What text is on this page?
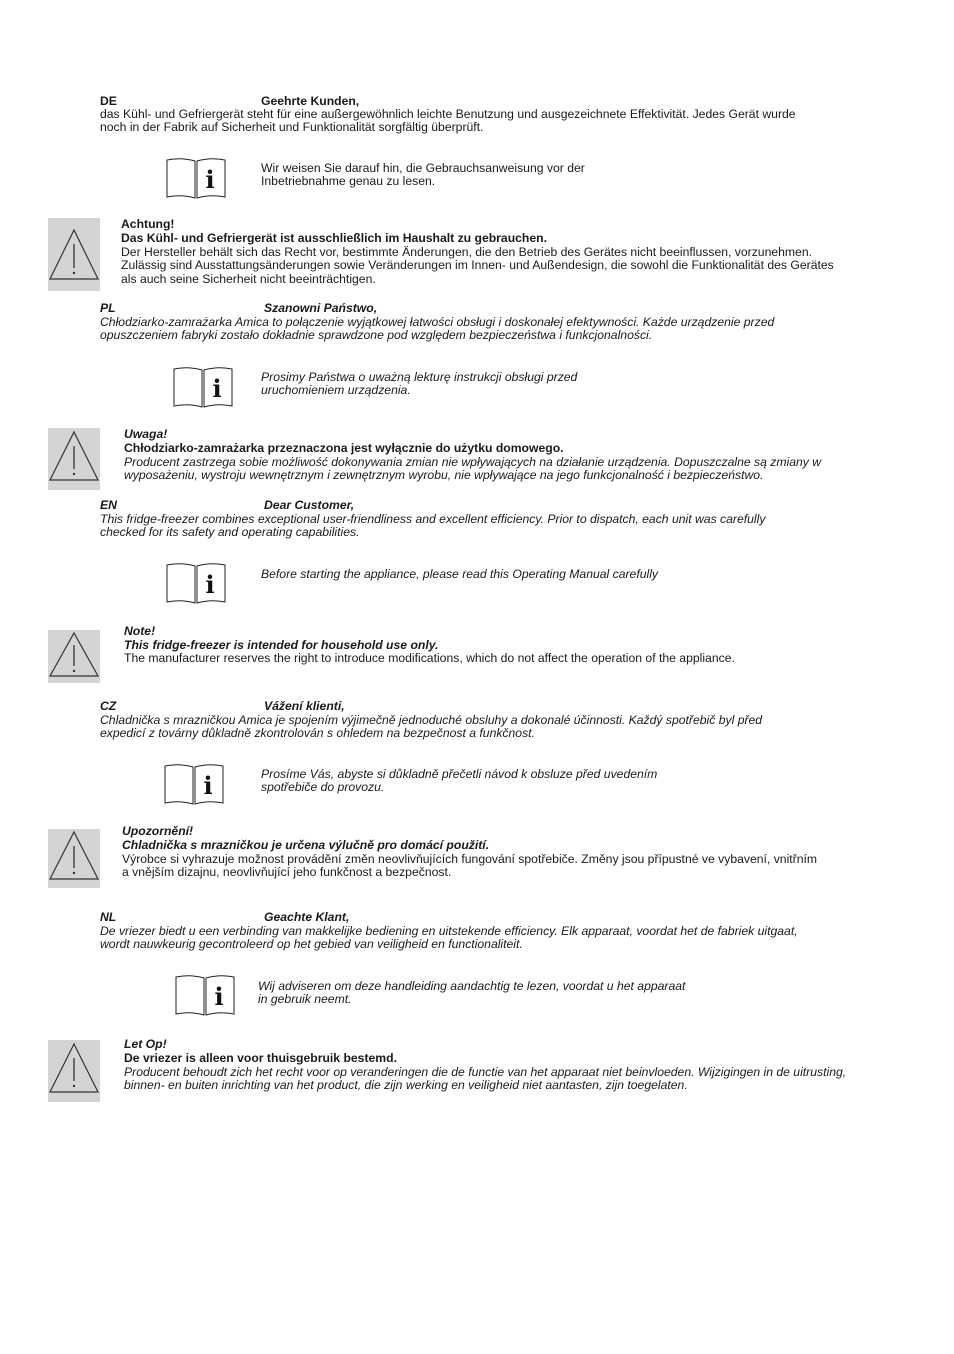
DE	Geehrte Kunden,
das Kühl- und Gefriergerät steht für eine außergewöhnlich leichte Benutzung und ausgezeichnete Effektivität. Jedes Gerät wurde
noch in der Fabrik auf Sicherheit und Funktionalität sorgfältig überprüft.
i	Wir weisen Sie darauf hin, die Gebrauchsanweisung vor der
Inbetriebnahme genau zu lesen.
Achtung!
Das Kühl- und Gefriergerät ist ausschließlich im Haushalt zu gebrauchen.
Der Hersteller behält sich das Recht vor, bestimmte Änderungen, die den Betrieb des Gerätes nicht beeinflussen, vorzunehmen.
Zulässig sind Ausstattungsänderungen sowie Veränderungen im Innen- und Außendesign, die sowohl die Funktionalität des Gerätes
als auch seine Sicherheit nicht beeinträchtigen.
PL	Szanowni Państwo,
Chłodziarko-zamrażarka Amica to połączenie wyjątkowej łatwości obsługi i doskonałej efektywności. Każde urządzenie przed
opuszczeniem fabryki zostało dokładnie sprawdzone pod względem bezpieczeństwa i funkcjonalności.
i	Prosimy Państwa o uważną lekturę instrukcji obsługi przed
uruchomieniem urządzenia.
Uwaga!
Chłodziarko-zamrażarka przeznaczona jest wyłącznie do użytku domowego.
Producent zastrzega sobie możliwość dokonywania zmian nie wpływających na działanie urządzenia. Dopuszczalne są zmiany w
wyposażeniu, wystroju wewnętrznym i zewnętrznym wyrobu, nie wpływające na jego funkcjonalność i bezpieczeństwo.
EN	Dear Customer,
This fridge-freezer combines exceptional user-friendliness and excellent efficiency. Prior to dispatch, each unit was carefully
checked for its safety and operating capabilities.
i	Before starting the appliance, please read this Operating Manual carefully
Note!
This fridge-freezer is intended for household use only.
The manufacturer reserves the right to introduce modifications, which do not affect the operation of the appliance.
CZ	Vážení klienti,
Chladnička s mrazničkou Amica je spojením výjimečně jednoduché obsluhy a dokonalé účinnosti. Každý spotřebič byl před
expedicí z továrny důkladně zkontrolován s ohledem na bezpečnost a funkčnost.
i	Prosíme Vás, abyste si důkladně přečetli návod k obsluze před uvedením
spotřebiče do provozu.
Upozornění!
Chladnička s mrazničkou je určena výlučně pro domácí použití.
Výrobce si vyhrazuje možnost provádění změn neovlivňujících fungování spotřebiče. Změny jsou přípustné ve vybavení, vnitřním
a vnějším dizajnu, neovlivňující jeho funkčnost a bezpečnost.
NL	Geachte Klant,
De vriezer biedt u een verbinding van makkelijke bediening en uitstekende efficiency. Elk apparaat, voordat het de fabriek uitgaat,
wordt nauwkeurig gecontroleerd op het gebied van veiligheid en functionaliteit.
i	Wij adviseren om deze handleiding aandachtig te lezen, voordat u het apparaat
in gebruik neemt.
Let Op!
De vriezer is alleen voor thuisgebruik bestemd.
Producent behoudt zich het recht voor op veranderingen die de functie van het apparaat niet beinvloeden. Wijzigingen in de uitrusting,
binnen- en buiten inrichting van het product, die zijn werking en veiligheid niet aantasten, zijn toegelaten.
